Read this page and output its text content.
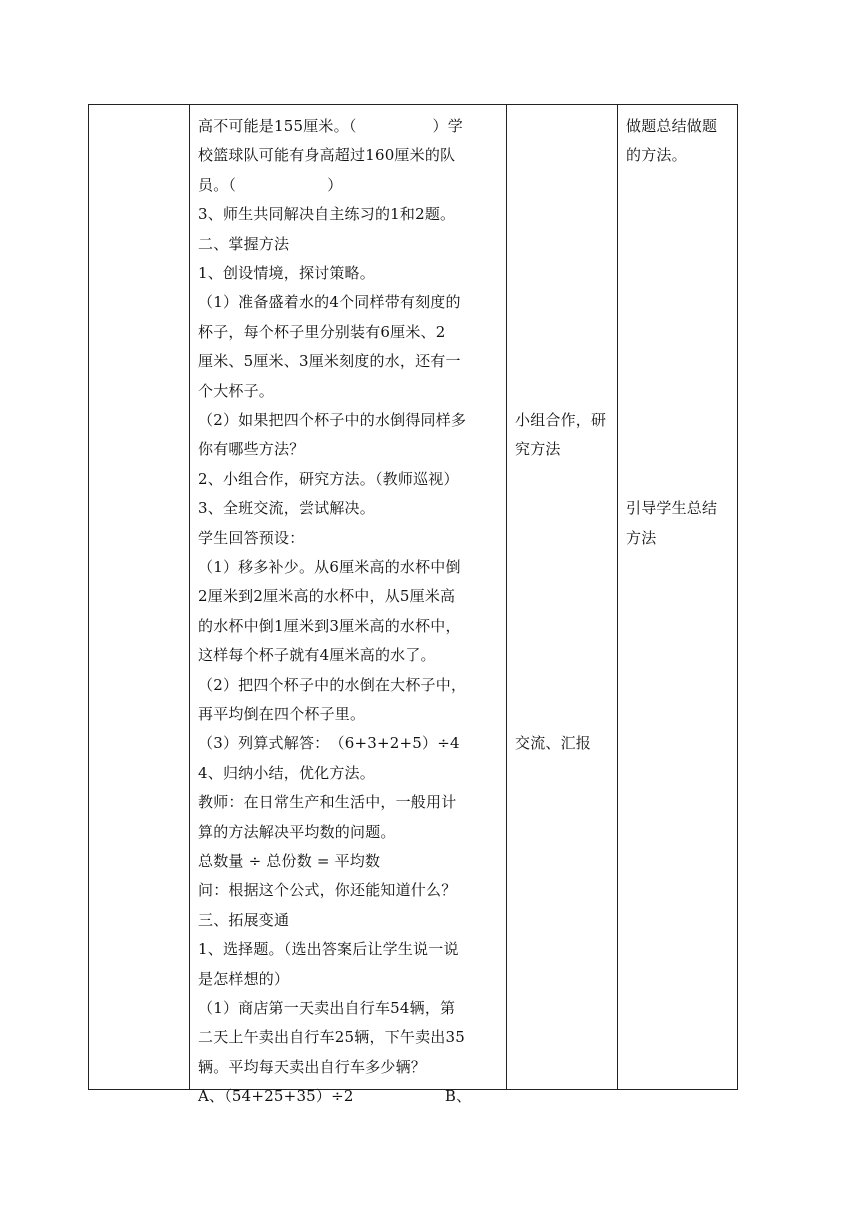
高不可能是155厘米。（　　　　　）学
校篮球队可能有身高超过160厘米的队
员。（　　　　　　）
3、师生共同解决自主练习的1和2题。
二、掌握方法
1、创设情境，探讨策略。
（1）准备盛着水的4个同样带有刻度的
杯子，每个杯子里分别装有6厘米、2
厘米、5厘米、3厘米刻度的水，还有一
个大杯子。
（2）如果把四个杯子中的水倒得同样多
你有哪些方法？
2、小组合作，研究方法。（教师巡视）
3、全班交流，尝试解决。
学生回答预设：
（1）移多补少。从6厘米高的水杯中倒
2厘米到2厘米高的水杯中，从5厘米高
的水杯中倒1厘米到3厘米高的水杯中，
这样每个杯子就有4厘米高的水了。
（2）把四个杯子中的水倒在大杯子中，
再平均倒在四个杯子里。
（3）列算式解答：　（6+3+2+5）÷4
4、归纳小结，优化方法。
教师：在日常生产和生活中，一般用计
算的方法解决平均数的问题。
总数量 ÷ 总份数 = 平均数
问：根据这个公式，你还能知道什么？
三、拓展变通
1、选择题。（选出答案后让学生说一说
是怎样想的）
（1）商店第一天卖出自行车54辆，第
二天上午卖出自行车25辆，下午卖出35
辆。平均每天卖出自行车多少辆？
A、（54+25+35）÷2　　　　　　B、
小组合作，研
究方法
交流、汇报
做题总结做题
的方法。
引导学生总结
方法
